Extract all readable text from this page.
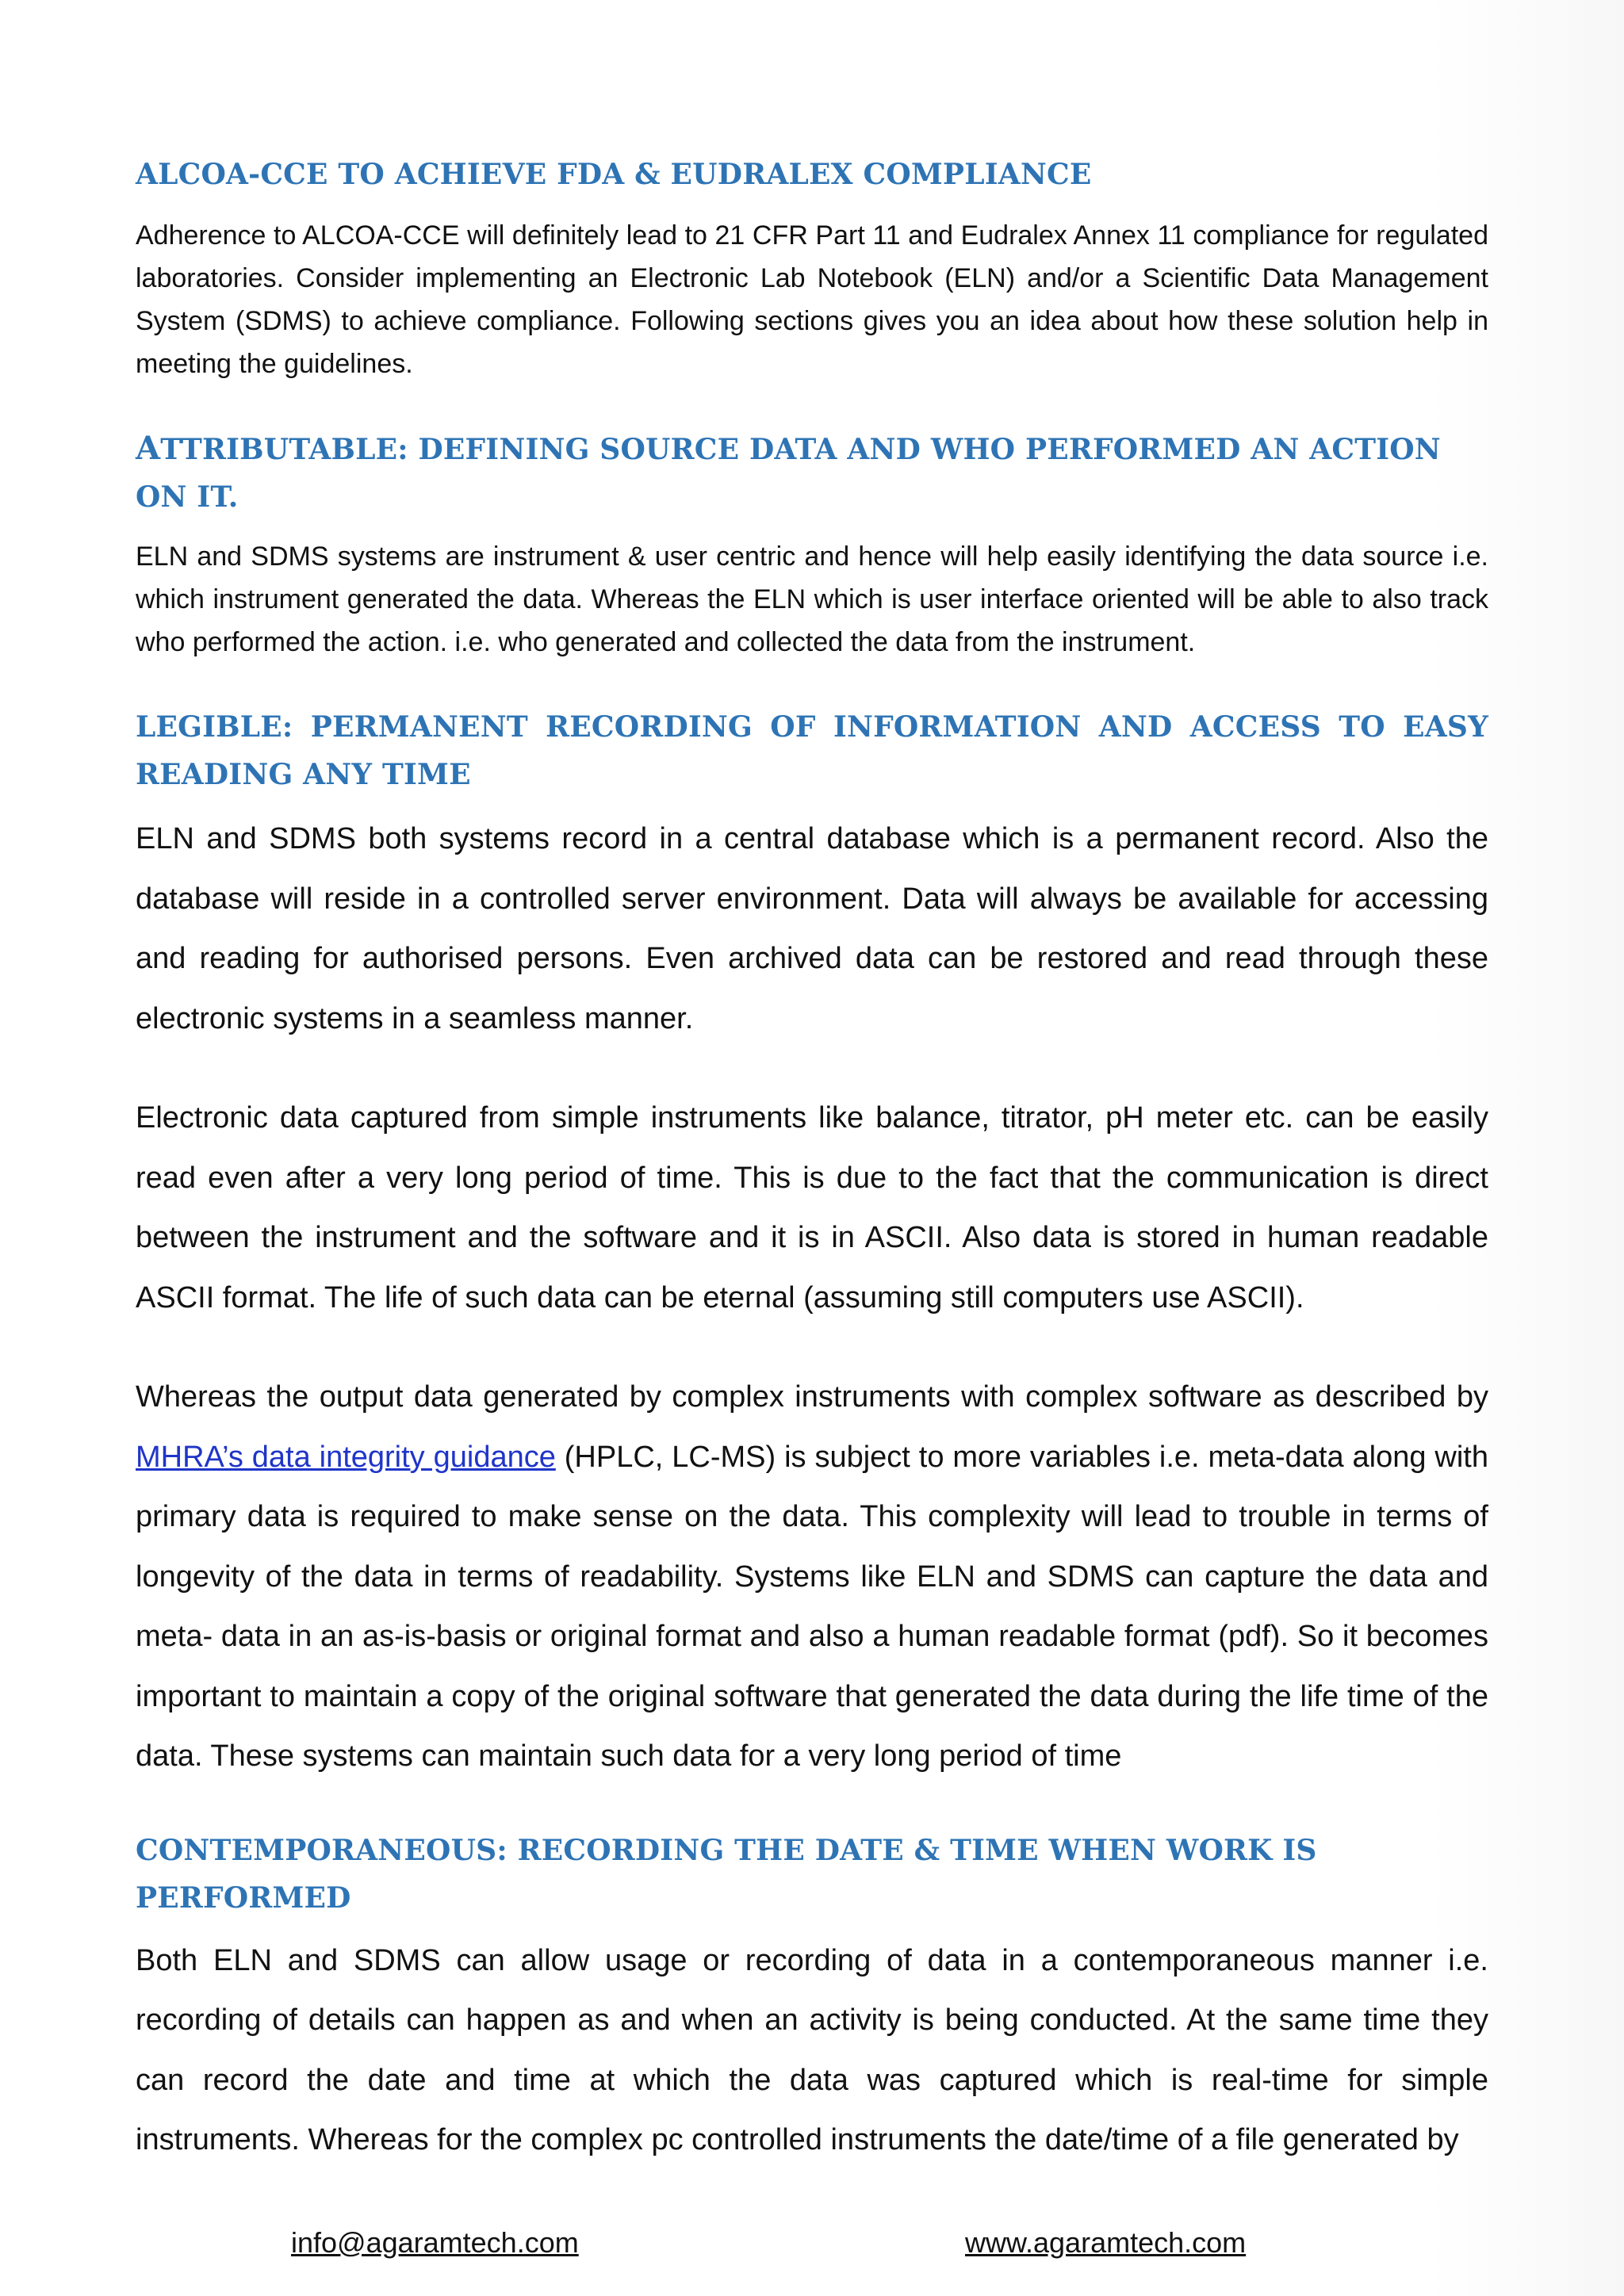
ALCOA-CCE TO ACHIEVE FDA & EUDRALEX COMPLIANCE

Adherence to ALCOA-CCE will definitely lead to 21 CFR Part 11 and Eudralex Annex 11 compliance for regulated laboratories. Consider implementing an Electronic Lab Notebook (ELN) and/or a Scientific Data Management System (SDMS) to achieve compliance. Following sections gives you an idea about how these solution help in meeting the guidelines.

ATTRIBUTABLE: DEFINING SOURCE DATA AND WHO PERFORMED AN ACTION ON IT.

ELN and SDMS systems are instrument & user centric and hence will help easily identifying the data source i.e. which instrument generated the data. Whereas the ELN which is user interface oriented will be able to also track who performed the action. i.e. who generated and collected the data from the instrument.

LEGIBLE: PERMANENT RECORDING OF INFORMATION AND ACCESS TO EASY READING ANY TIME

ELN and SDMS both systems record in a central database which is a permanent record. Also the database will reside in a controlled server environment. Data will always be available for accessing and reading for authorised persons. Even archived data can be restored and read through these electronic systems in a seamless manner.

Electronic data captured from simple instruments like balance, titrator, pH meter etc. can be easily read even after a very long period of time. This is due to the fact that the communication is direct between the instrument and the software and it is in ASCII. Also data is stored in human readable ASCII format. The life of such data can be eternal (assuming still computers use ASCII).

Whereas the output data generated by complex instruments with complex software as described by MHRA’s data integrity guidance (HPLC, LC-MS) is subject to more variables i.e. meta-data along with primary data is required to make sense on the data. This complexity will lead to trouble in terms of longevity of the data in terms of readability. Systems like ELN and SDMS can capture the data and meta- data in an as-is-basis or original format and also a human readable format (pdf). So it becomes important to maintain a copy of the original software that generated the data during the life time of the data. These systems can maintain such data for a very long period of time

CONTEMPORANEOUS: RECORDING THE DATE & TIME WHEN WORK IS PERFORMED

Both ELN and SDMS can allow usage or recording of data in a contemporaneous manner i.e. recording of details can happen as and when an activity is being conducted. At the same time they can record the date and time at which the data was captured which is real-time for simple instruments. Whereas for the complex pc controlled instruments the date/time of a file generated by

info@agaramtech.com	www.agaramtech.com
